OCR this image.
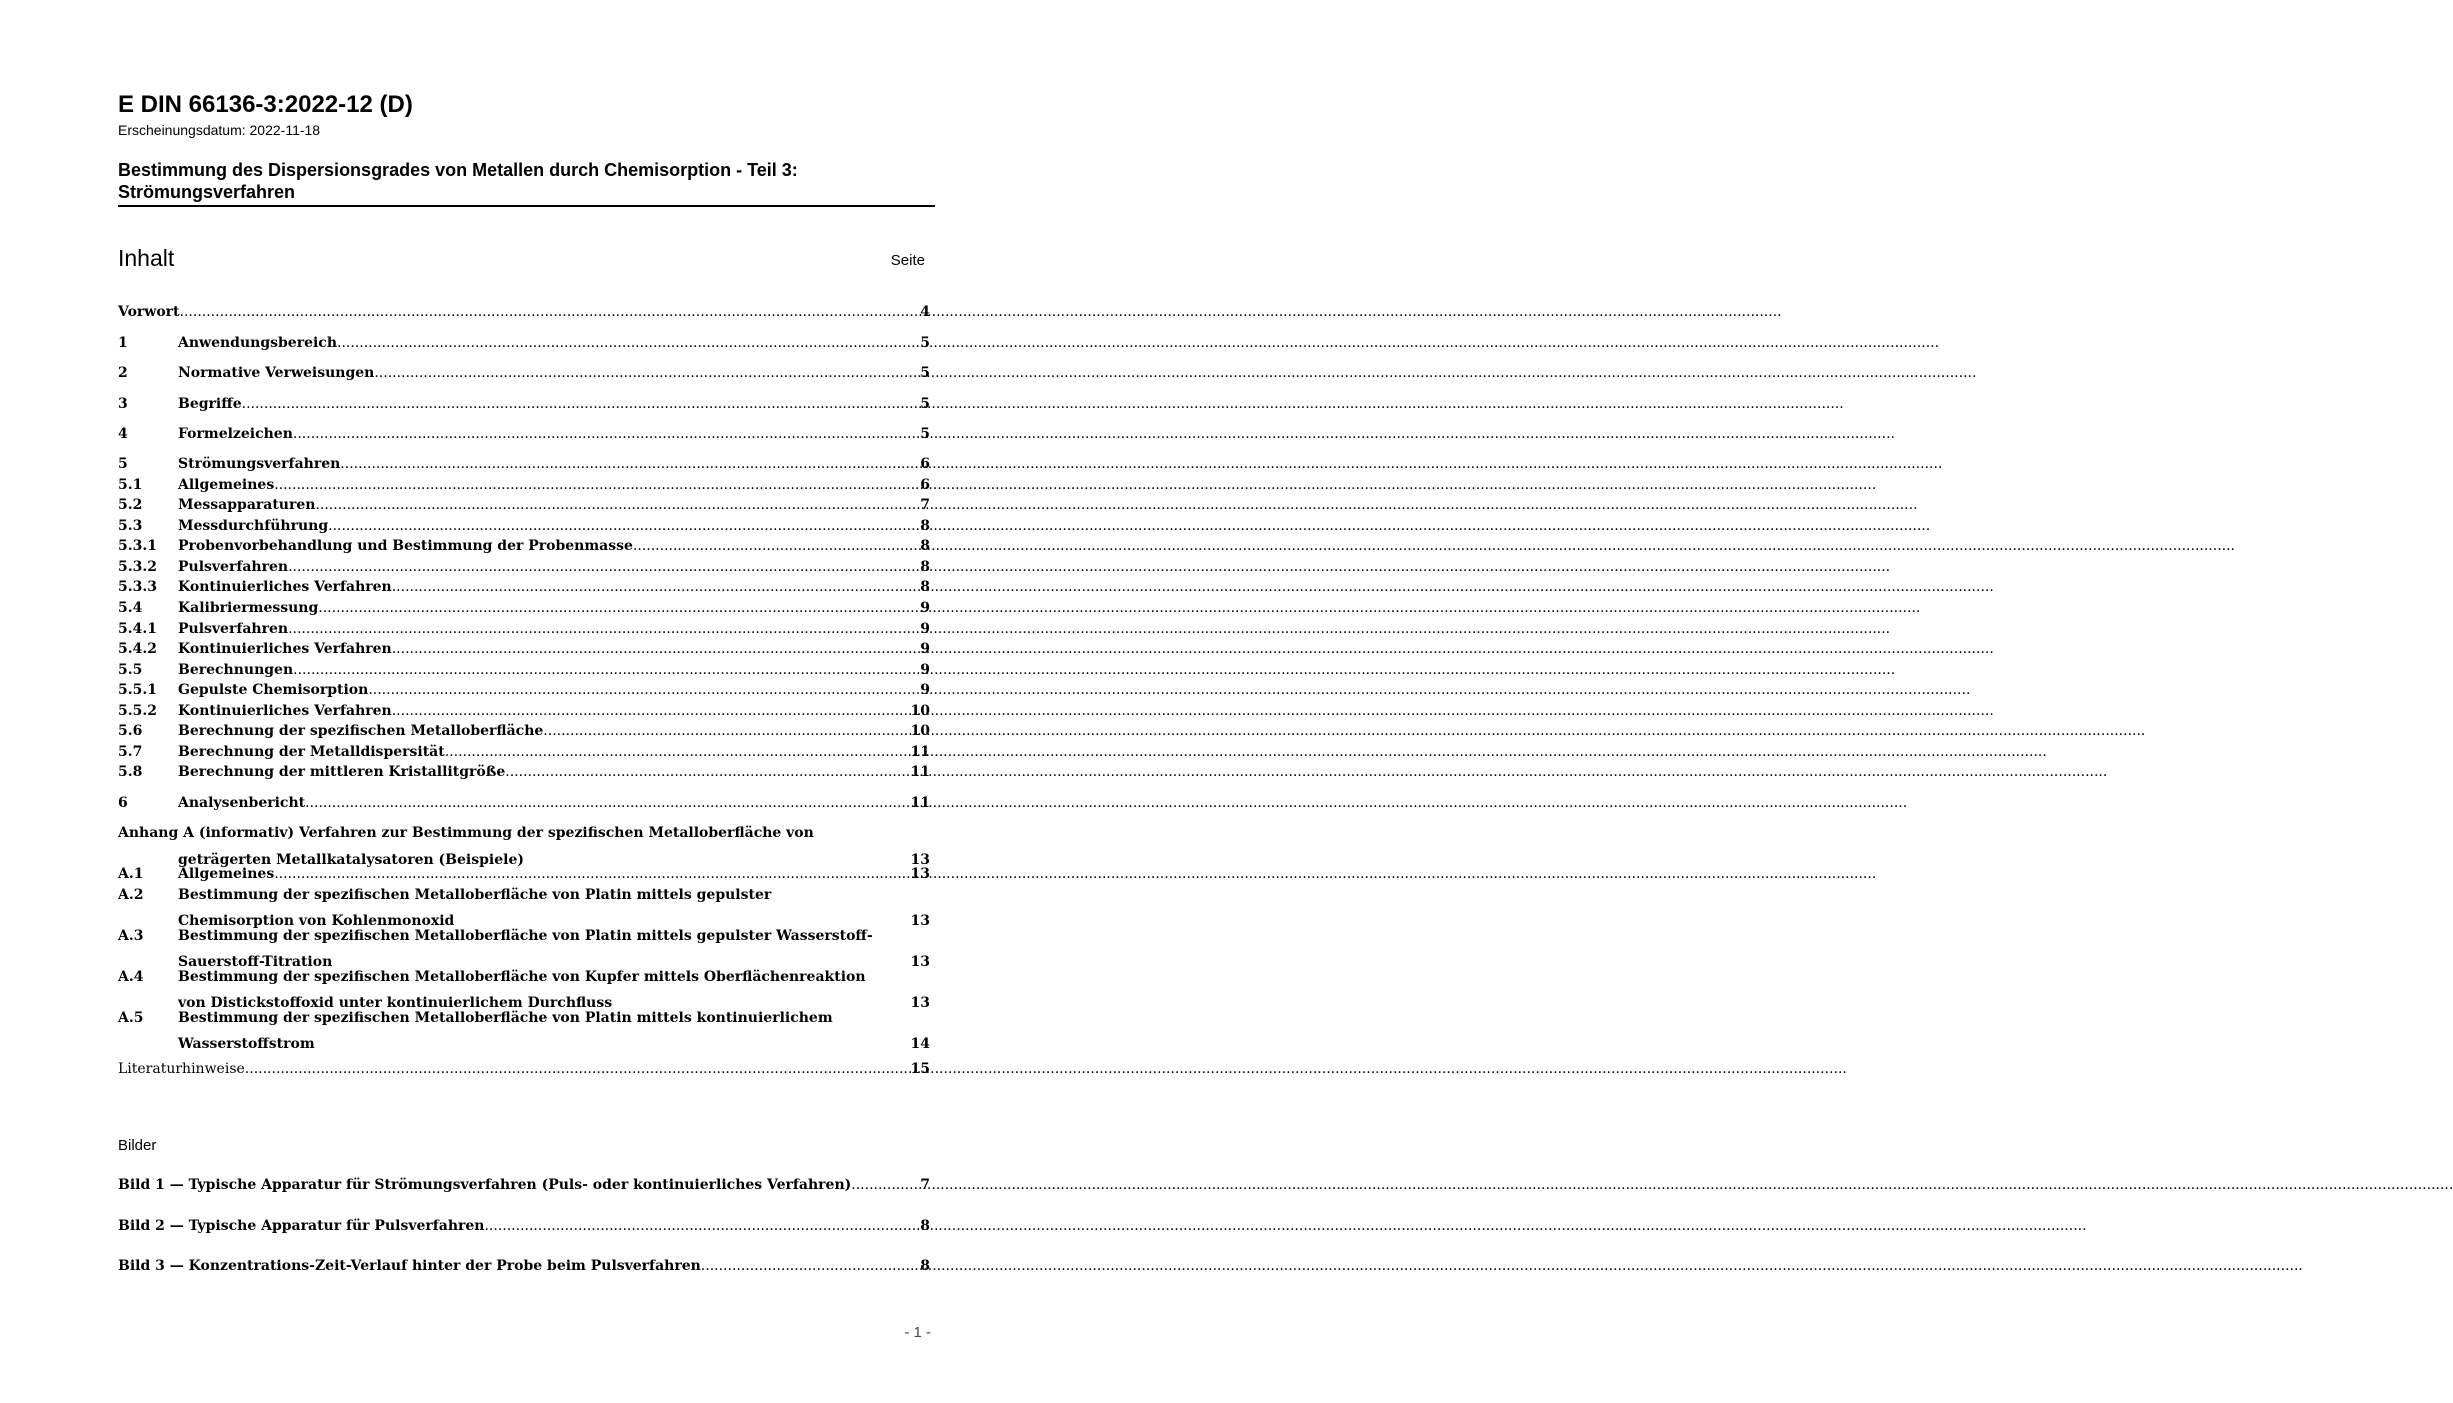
E DIN 66136-3:2022-12 (D)
Erscheinungsdatum: 2022-11-18
Bestimmung des Dispersionsgrades von Metallen durch Chemisorption - Teil 3:
Strömungsverfahren
Inhalt	Seite
Vorwort .....	4
1	Anwendungsbereich .....	5
2	Normative Verweisungen .....	5
3	Begriffe .....	5
4	Formelzeichen .....	5
5	Strömungsverfahren .....	6
5.1	Allgemeines .....	6
5.2	Messapparaturen .....	7
5.3	Messdurchführung .....	8
5.3.1	Probenvorbehandlung und Bestimmung der Probenmasse .....	8
5.3.2	Pulsverfahren .....	8
5.3.3	Kontinuierliches Verfahren .....	8
5.4	Kalibriermessung .....	9
5.4.1	Pulsverfahren .....	9
5.4.2	Kontinuierliches Verfahren .....	9
5.5	Berechnungen .....	9
5.5.1	Gepulste Chemisorption .....	9
5.5.2	Kontinuierliches Verfahren .....	10
5.6	Berechnung der spezifischen Metalloberfläche .....	10
5.7	Berechnung der Metalldispersität .....	11
5.8	Berechnung der mittleren Kristallitgröße .....	11
6	Analysenbericht .....	11
Anhang A (informativ) Verfahren zur Bestimmung der spezifischen Metalloberfläche von
geträgerten Metallkatalysatoren (Beispiele)	13
A.1	Allgemeines .....	13
A.2	Bestimmung der spezifischen Metalloberfläche von Platin mittels gepulster
Chemisorption von Kohlenmonoxid	13
A.3	Bestimmung der spezifischen Metalloberfläche von Platin mittels gepulster Wasserstoff-
Sauerstoff-Titration	13
A.4	Bestimmung der spezifischen Metalloberfläche von Kupfer mittels Oberflächenreaktion
von Distickstoffoxid unter kontinuierlichem Durchfluss	13
A.5	Bestimmung der spezifischen Metalloberfläche von Platin mittels kontinuierlichem
Wasserstoffstrom	14
Literaturhinweise .....	15
Bilder
Bild 1 — Typische Apparatur für Strömungsverfahren (Puls- oder kontinuierliches Verfahren) .....	7
Bild 2 — Typische Apparatur für Pulsverfahren .....	8
Bild 3 — Konzentrations-Zeit-Verlauf hinter der Probe beim Pulsverfahren .....	8
- 1 -
